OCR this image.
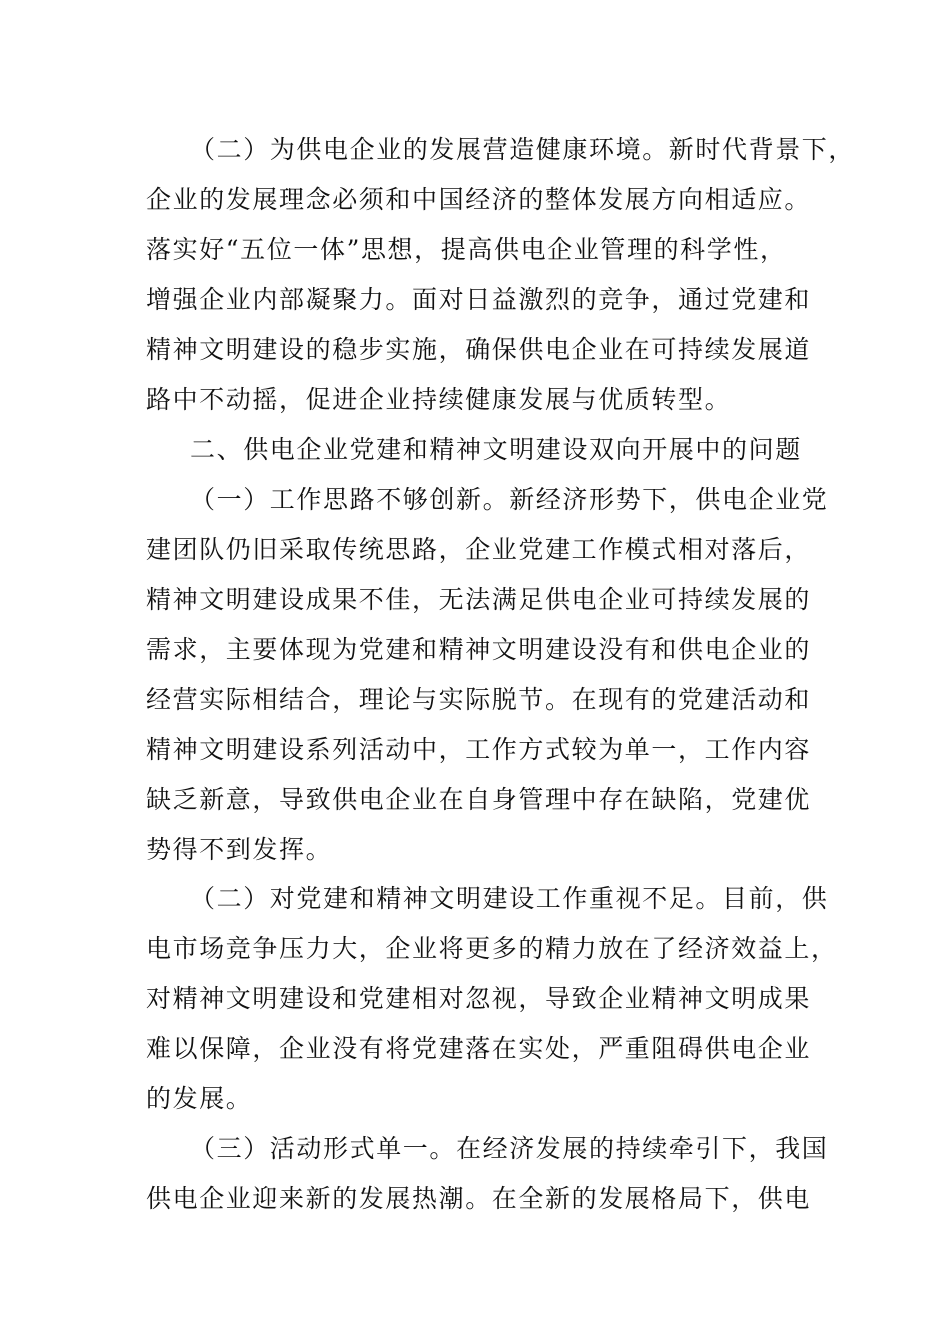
（二）为供电企业的发展营造健康环境。新时代背景下，

企业的发展理念必须和中国经济的整体发展方向相适应。

落实好“五位一体”思想，提高供电企业管理的科学性，

增强企业内部凝聚力。面对日益激烈的竞争，通过党建和

精神文明建设的稳步实施，确保供电企业在可持续发展道

路中不动摇，促进企业持续健康发展与优质转型。

二、供电企业党建和精神文明建设双向开展中的问题

（一）工作思路不够创新。新经济形势下，供电企业党

建团队仍旧采取传统思路，企业党建工作模式相对落后，

精神文明建设成果不佳，无法满足供电企业可持续发展的

需求，主要体现为党建和精神文明建设没有和供电企业的

经营实际相结合，理论与实际脱节。在现有的党建活动和

精神文明建设系列活动中，工作方式较为单一，工作内容

缺乏新意，导致供电企业在自身管理中存在缺陷，党建优

势得不到发挥。

（二）对党建和精神文明建设工作重视不足。目前，供

电市场竞争压力大，企业将更多的精力放在了经济效益上，

对精神文明建设和党建相对忽视，导致企业精神文明成果

难以保障，企业没有将党建落在实处，严重阻碍供电企业

的发展。

（三）活动形式单一。在经济发展的持续牵引下，我国

供电企业迎来新的发展热潮。在全新的发展格局下，供电
